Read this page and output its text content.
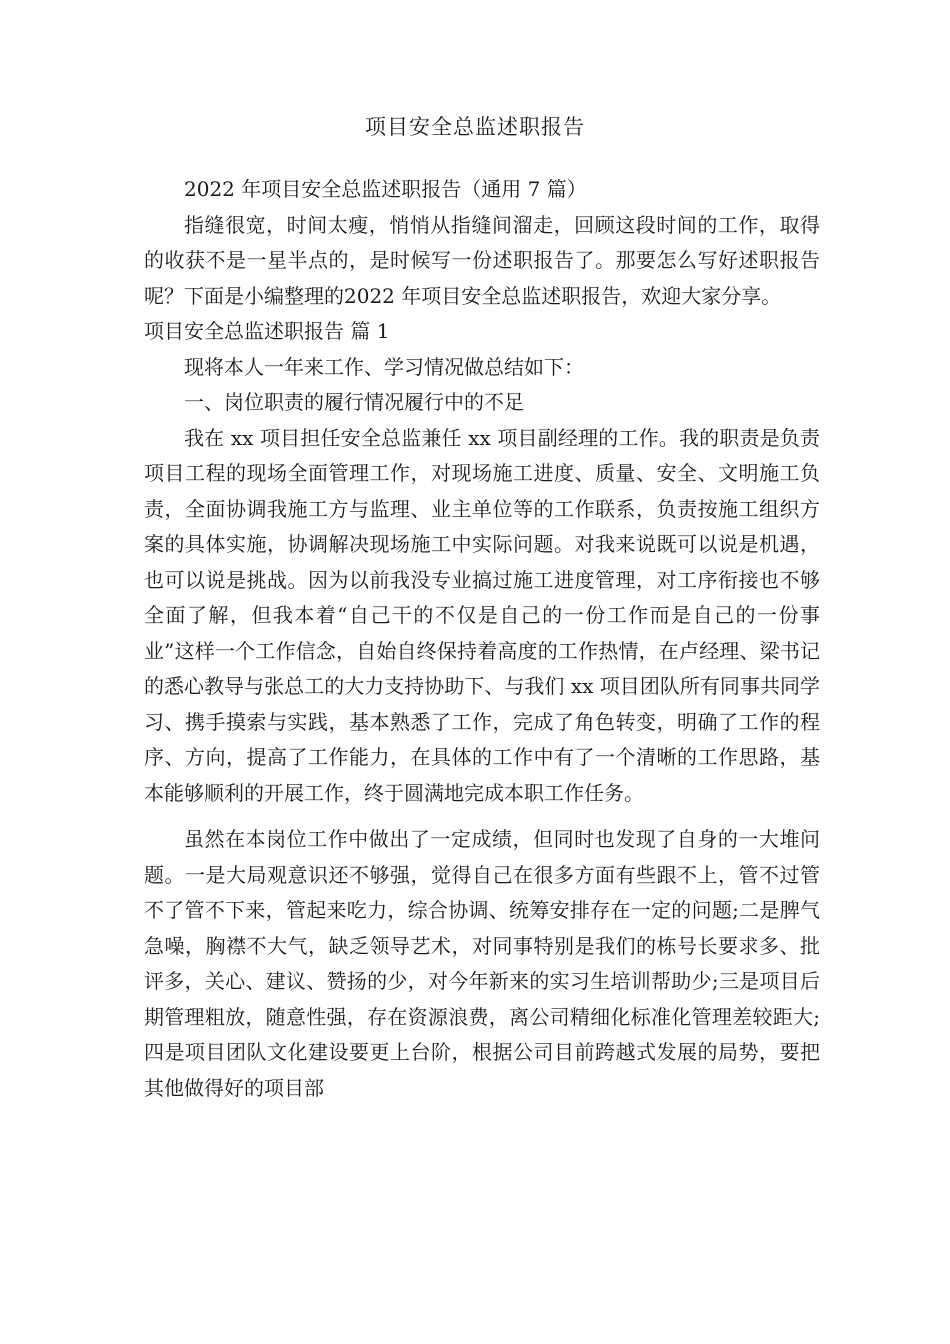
项目安全总监述职报告

2022 年项目安全总监述职报告（通用 7 篇）

指缝很宽，时间太瘦，悄悄从指缝间溜走，回顾这段时间的工作，取得的收获不是一星半点的，是时候写一份述职报告了。那要怎么写好述职报告呢？下面是小编整理的2022 年项目安全总监述职报告，欢迎大家分享。

项目安全总监述职报告 篇 1

现将本人一年来工作、学习情况做总结如下：

一、岗位职责的履行情况履行中的不足

我在 xx 项目担任安全总监兼任 xx 项目副经理的工作。我的职责是负责项目工程的现场全面管理工作，对现场施工进度、质量、安全、文明施工负责，全面协调我施工方与监理、业主单位等的工作联系，负责按施工组织方案的具体实施，协调解决现场施工中实际问题。对我来说既可以说是机遇，也可以说是挑战。因为以前我没专业搞过施工进度管理，对工序衔接也不够全面了解，但我本着“自己干的不仅是自己的一份工作而是自己的一份事业”这样一个工作信念，自始自终保持着高度的工作热情，在卢经理、梁书记的悉心教导与张总工的大力支持协助下、与我们 xx 项目团队所有同事共同学习、携手摸索与实践，基本熟悉了工作，完成了角色转变，明确了工作的程序、方向，提高了工作能力，在具体的工作中有了一个清晰的工作思路，基本能够顺利的开展工作，终于圆满地完成本职工作任务。

虽然在本岗位工作中做出了一定成绩，但同时也发现了自身的一大堆问题。一是大局观意识还不够强，觉得自己在很多方面有些跟不上，管不过管不了管不下来，管起来吃力，综合协调、统筹安排存在一定的问题;二是脾气急噪，胸襟不大气，缺乏领导艺术，对同事特别是我们的栋号长要求多、批评多，关心、建议、赞扬的少，对今年新来的实习生培训帮助少;三是项目后期管理粗放，随意性强，存在资源浪费，离公司精细化标准化管理差较距大;四是项目团队文化建设要更上台阶，根据公司目前跨越式发展的局势，要把其他做得好的项目部
